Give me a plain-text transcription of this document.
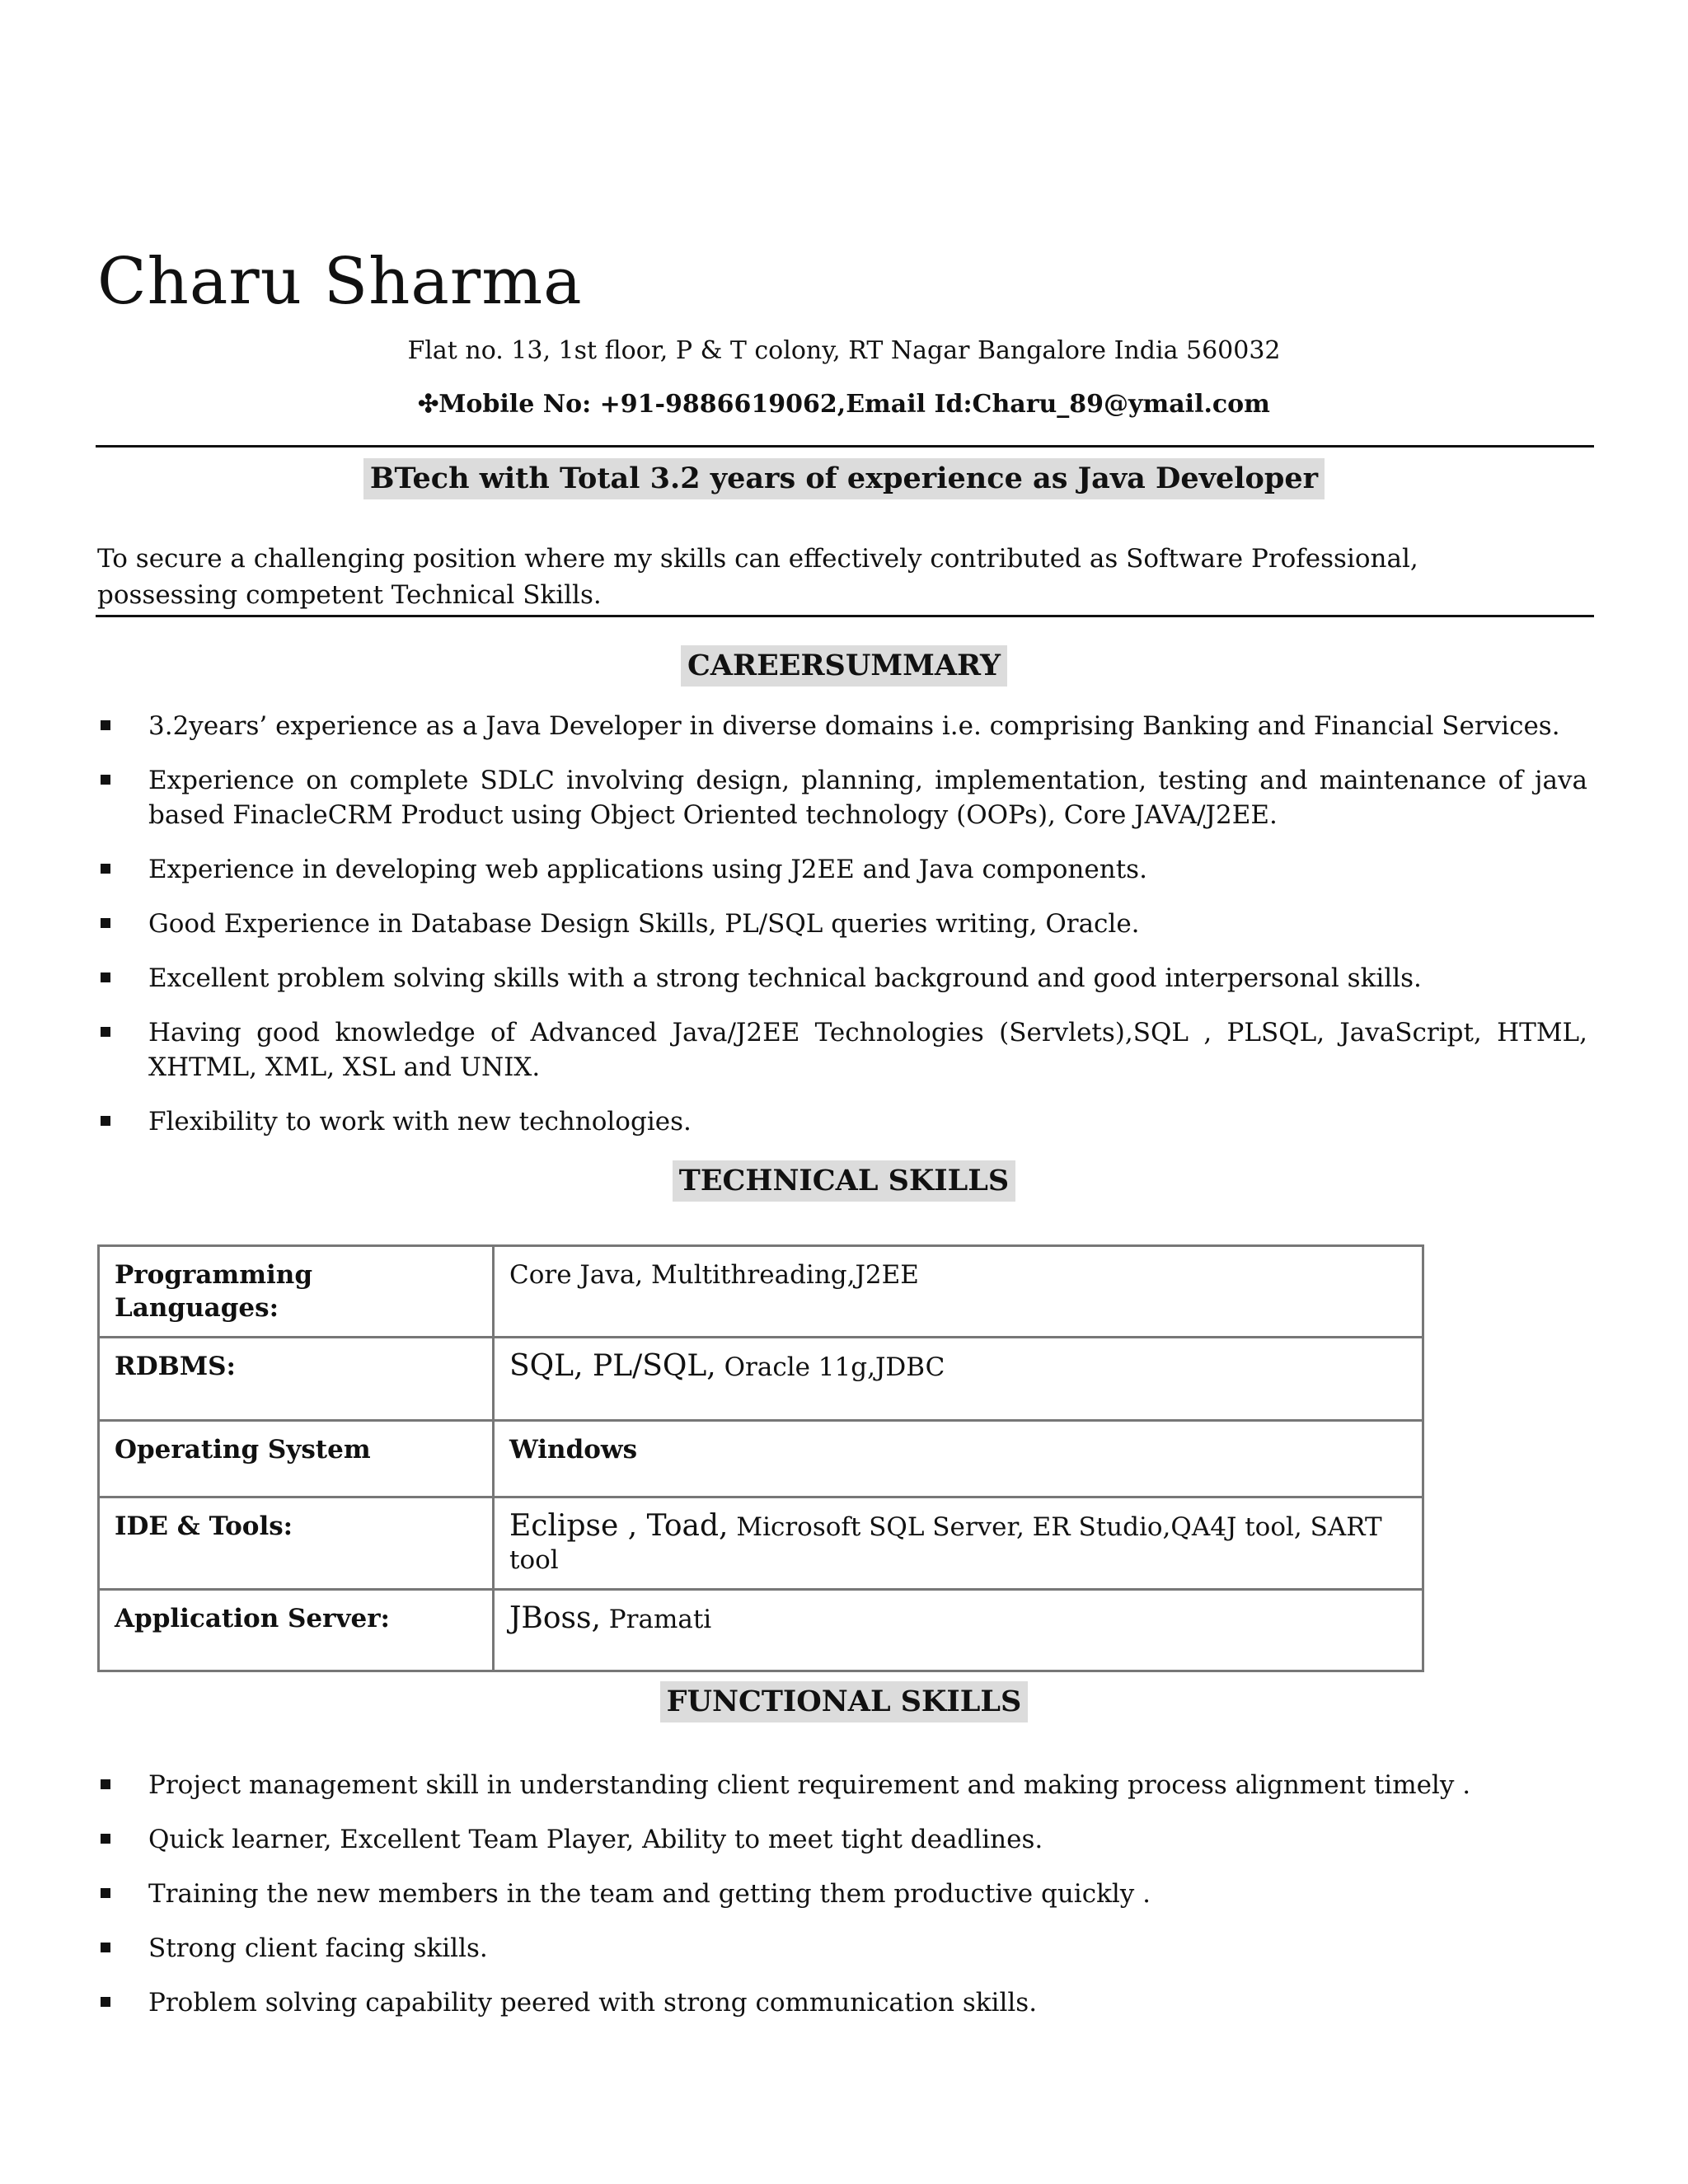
Charu Sharma
Flat no. 13, 1st floor, P & T colony, RT Nagar Bangalore India 560032
✣Mobile No: +91-9886619062,Email Id:Charu_89@ymail.com
BTech with Total 3.2 years of experience as Java Developer

To secure a challenging position where my skills can effectively contributed as Software Professional, possessing competent Technical Skills.

CAREERSUMMARY
3.2years’ experience as a Java Developer in diverse domains i.e. comprising Banking and Financial Services.
Experience on complete SDLC involving design, planning, implementation, testing and maintenance of java based FinacleCRM Product using Object Oriented technology (OOPs), Core JAVA/J2EE.
Experience in developing web applications using J2EE and Java components.
Good Experience in Database Design Skills, PL/SQL queries writing, Oracle.
Excellent problem solving skills with a strong technical background and good interpersonal skills.
Having good knowledge of Advanced Java/J2EE Technologies (Servlets),SQL , PLSQL, JavaScript, HTML, XHTML, XML, XSL and UNIX.
Flexibility to work with new technologies.
TECHNICAL SKILLS
Programming Languages:	Core Java, Multithreading,J2EE
RDBMS:	SQL, PL/SQL, Oracle 11g,JDBC
Operating System	Windows
IDE & Tools:	Eclipse , Toad, Microsoft SQL Server, ER Studio,QA4J tool, SART tool
Application Server:	JBoss, Pramati
FUNCTIONAL SKILLS
Project management skill in understanding client requirement and making process alignment timely .
Quick learner, Excellent Team Player, Ability to meet tight deadlines.
Training the new members in the team and getting them productive quickly .
Strong client facing skills.
Problem solving capability peered with strong communication skills.
